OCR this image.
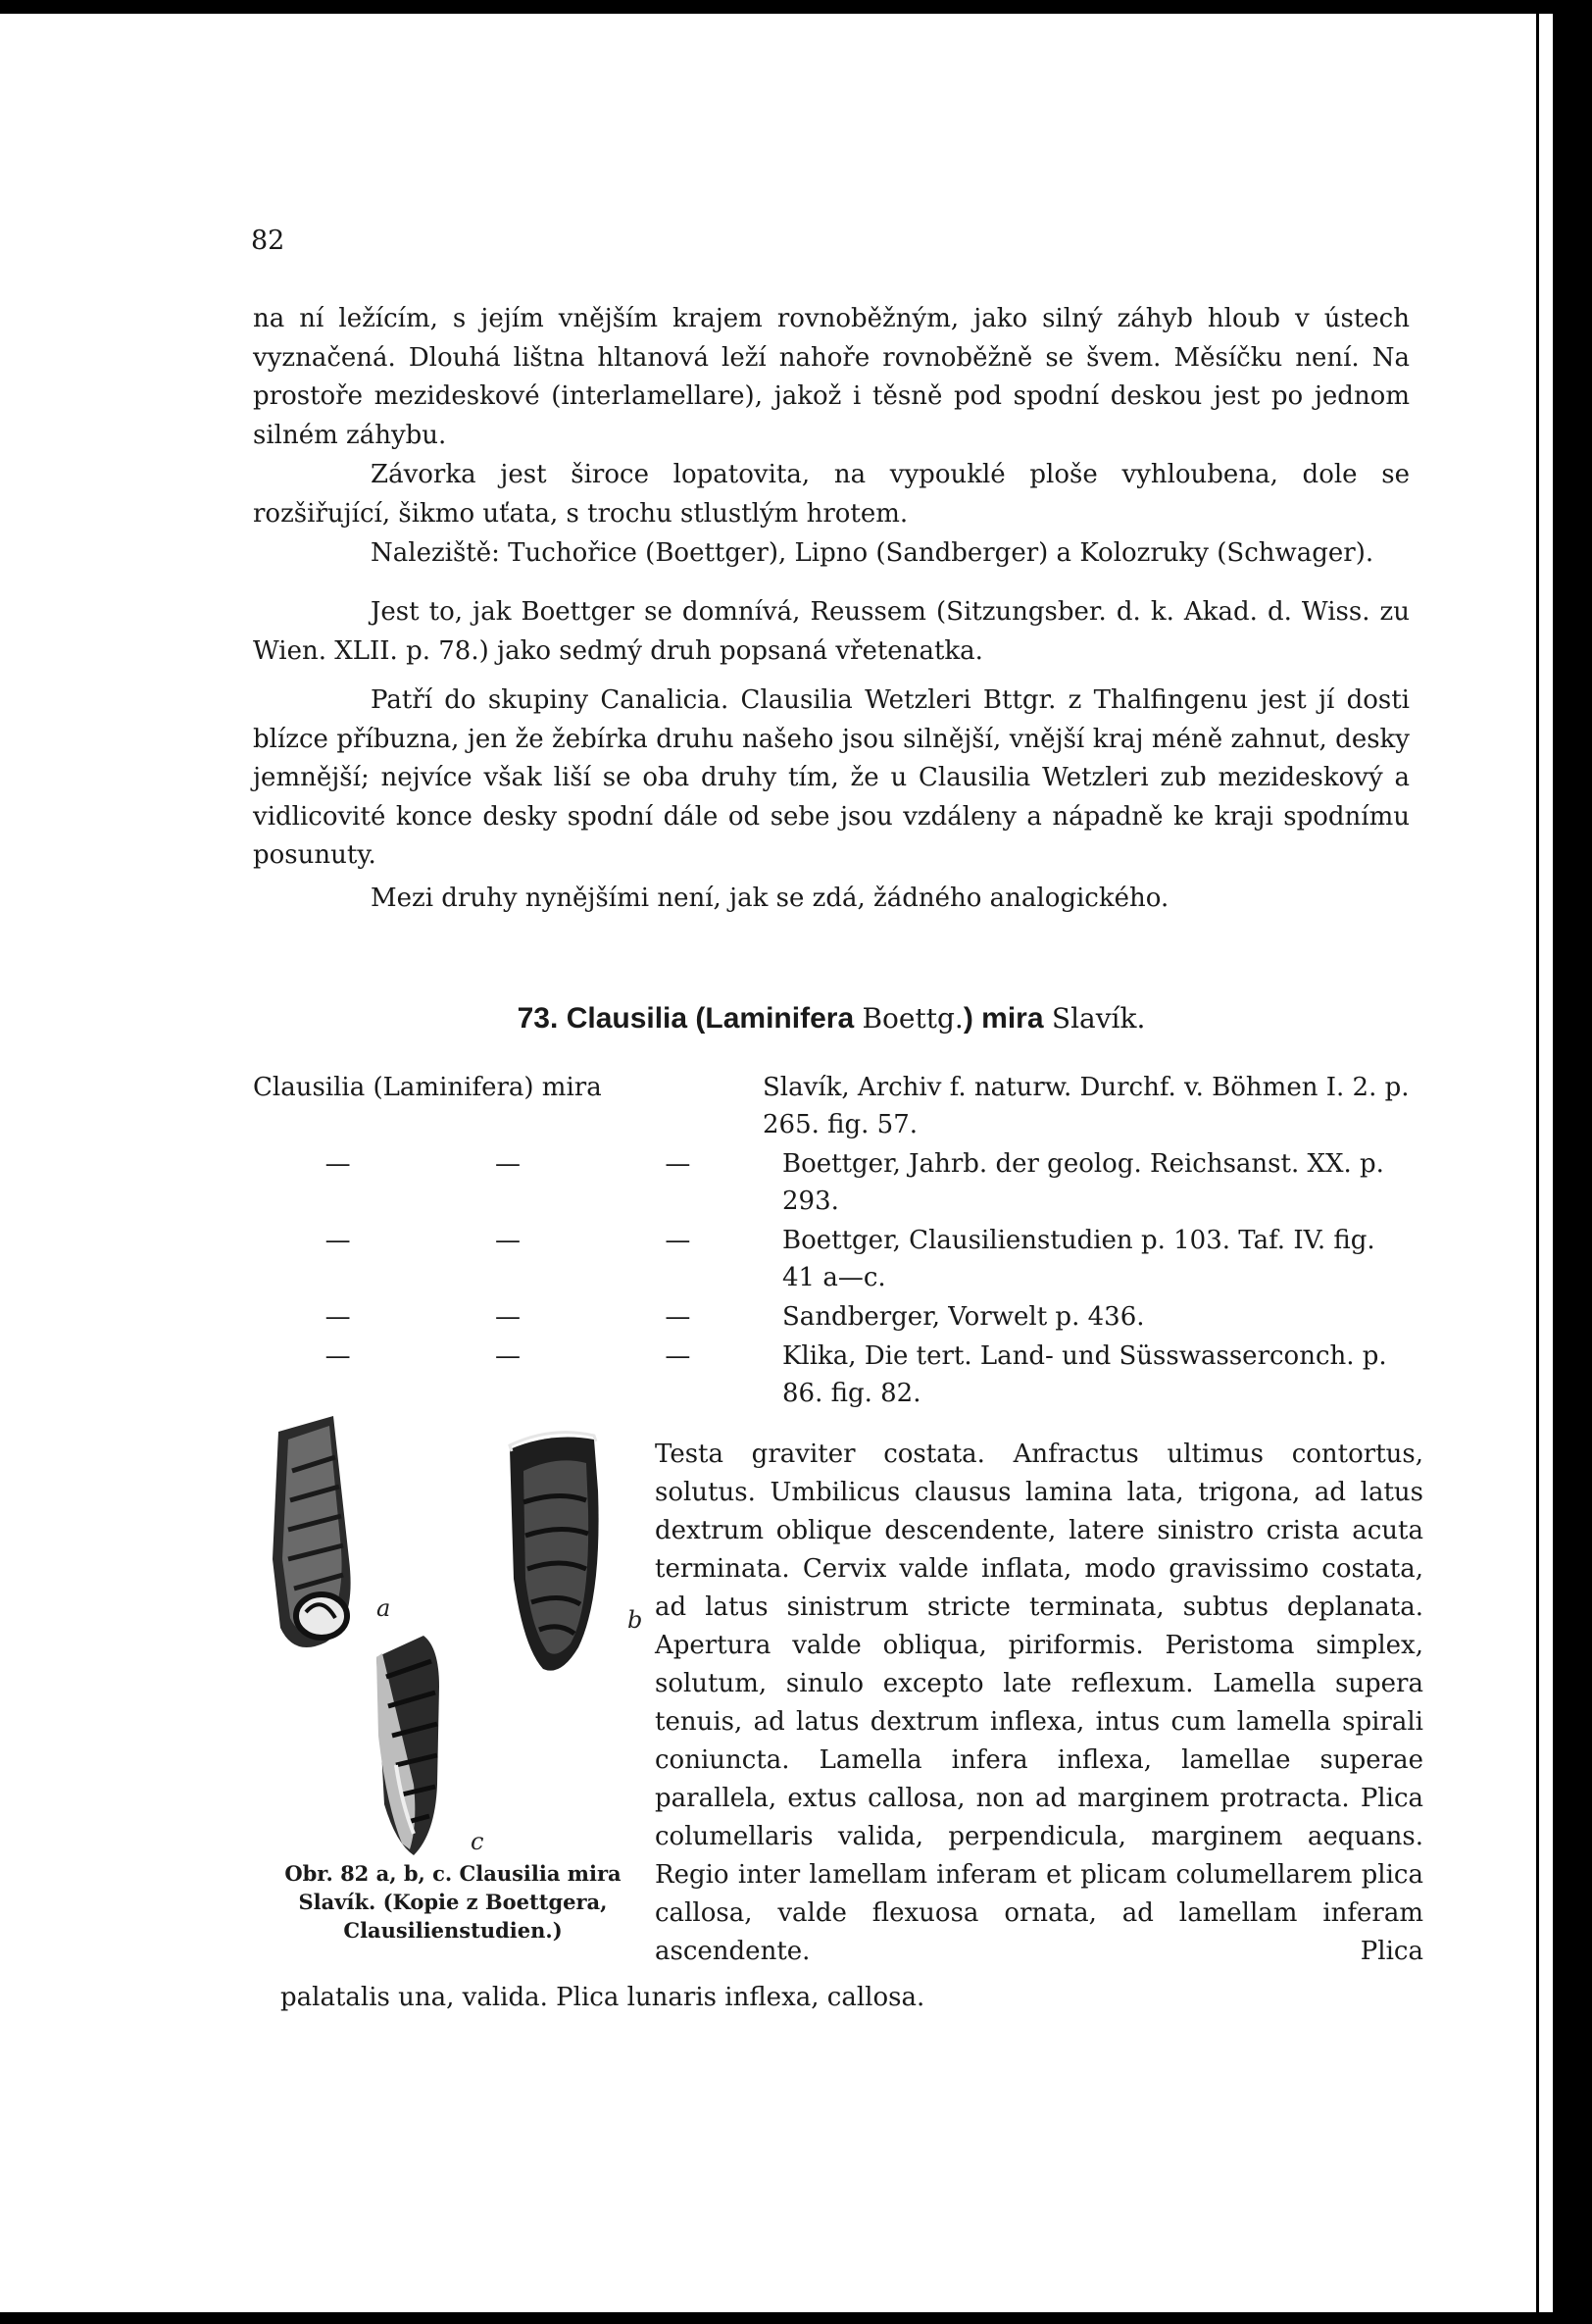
82

na ní ležícím, s jejím vnějším krajem rovnoběžným, jako silný záhyb hloub v ústech vyznačená. Dlouhá lištna hltanová leží nahoře rovnoběžně se švem. Měsíčku není. Na prostoře mezideskové (interlamellare), jakož i těsně pod spodní deskou jest po jednom silném záhybu.

Závorka jest široce lopatovita, na vypouklé ploše vyhloubena, dole se rozšiřující, šikmo uťata, s trochu stlustlým hrotem.

Naleziště: Tuchořice (Boettger), Lipno (Sandberger) a Kolozruky (Schwager).

Jest to, jak Boettger se domnívá, Reussem (Sitzungsber. d. k. Akad. d. Wiss. zu Wien. XLII. p. 78.) jako sedmý druh popsaná vřetenatka.

Patří do skupiny Canalicia. Clausilia Wetzleri Bttgr. z Thalfingenu jest jí dosti blízce příbuzna, jen že žebírka druhu našeho jsou silnější, vnější kraj méně zahnut, desky jemnější; nejvíce však liší se oba druhy tím, že u Clausilia Wetzleri zub mezideskový a vidlicovité konce desky spodní dále od sebe jsou vzdáleny a nápadně ke kraji spodnímu posunuty.

Mezi druhy nynějšími není, jak se zdá, žádného analogického.

73. Clausilia (Laminifera Boettg.) mira Slavík.
Clausilia (Laminifera) mira	Slavík, Archiv f. naturw. Durchf. v. Böhmen I. 2. p. 265. fig. 57.
—	—	—	Boettger, Jahrb. der geolog. Reichsanst. XX. p. 293.
—	—	—	Boettger, Clausilienstudien p. 103. Taf. IV. fig. 41 a—c.
—	—	—	Sandberger, Vorwelt p. 436.
—	—	—	Klika, Die tert. Land- und Süsswasserconch. p. 86. fig. 82.
a	b
c
Obr. 82 a, b, c. Clausilia mira Slavík. (Kopie z Boettgera, Clausilienstudien.)

Testa graviter costata. Anfractus ultimus contortus, solutus. Umbilicus clausus lamina lata, trigona, ad latus dextrum oblique descendente, latere sinistro crista acuta terminata. Cervix valde inflata, modo gravissimo costata, ad latus sinistrum stricte terminata, subtus deplanata. Apertura valde obliqua, piriformis. Peristoma simplex, solutum, sinulo excepto late reflexum. Lamella supera tenuis, ad latus dextrum inflexa, intus cum lamella spirali coniuncta. Lamella infera inflexa, lamellae superae parallela, extus callosa, non ad marginem protracta. Plica columellaris valida, perpendicula, marginem aequans. Regio inter lamellam inferam et plicam columellarem plica callosa, valde flexuosa ornata, ad lamellam inferam ascendente. Plica

palatalis una, valida. Plica lunaris inflexa, callosa.
